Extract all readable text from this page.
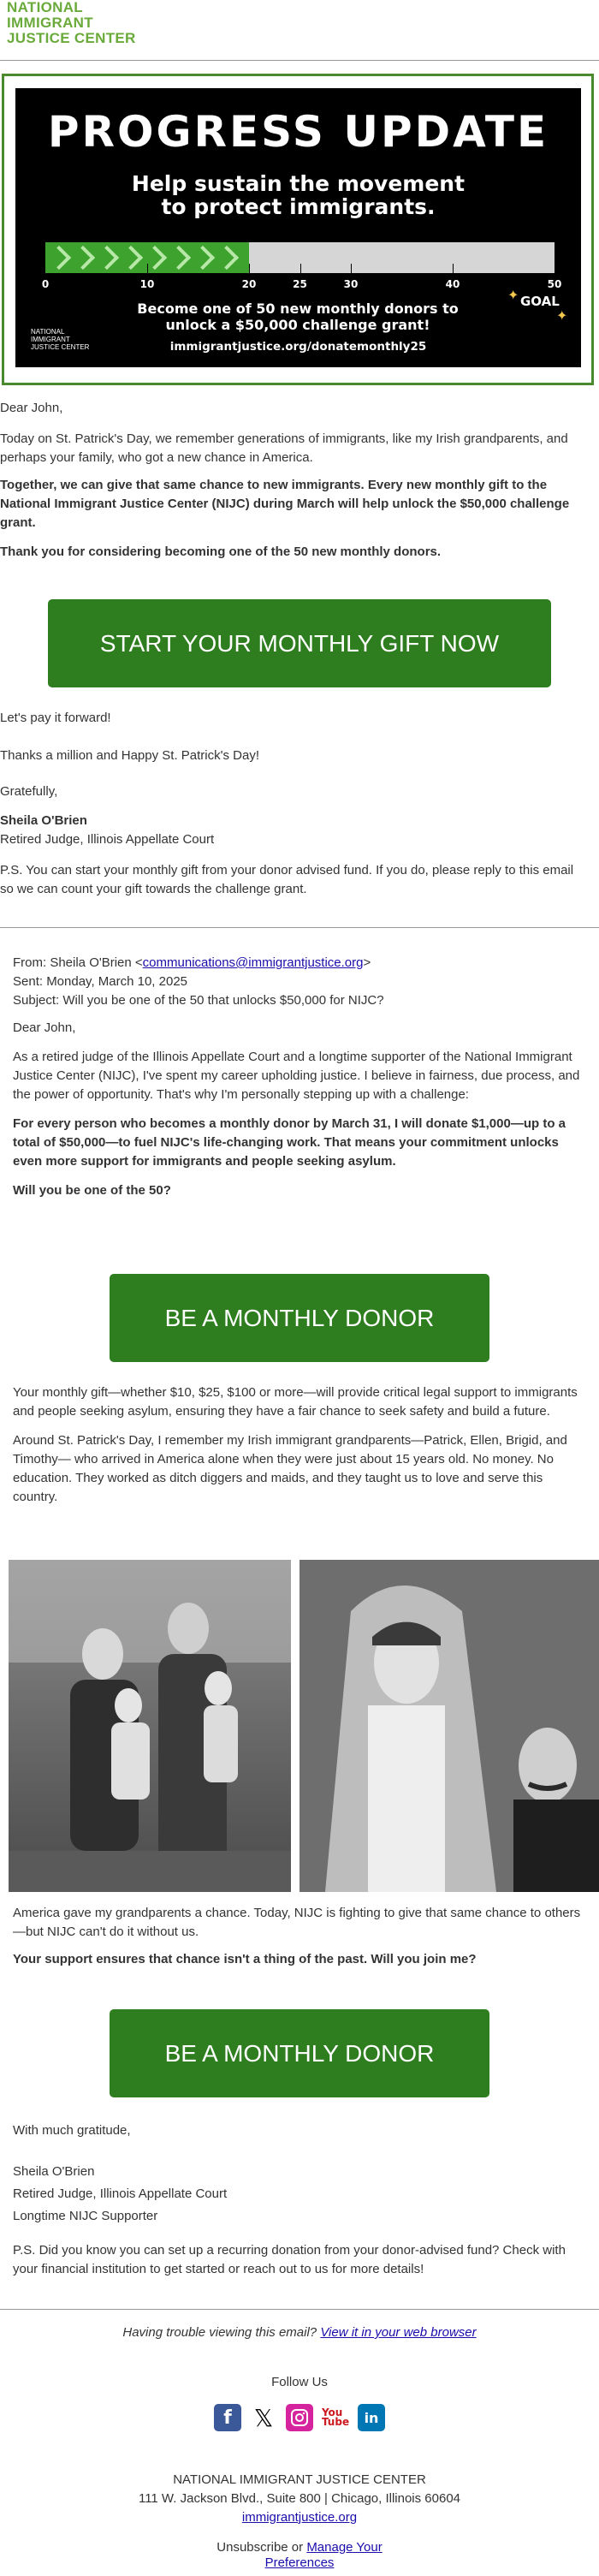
NATIONAL
IMMIGRANT
JUSTICE CENTER
PROGRESS UPDATE
Help sustain the movement
to protect immigrants.
0	10	20	25	30	40	50
✦
✦
GOAL
Become one of 50 new monthly donors to
unlock a $50,000 challenge grant!
NATIONAL IMMIGRANT JUSTICE CENTER	immigrantjustice.org/donatemonthly25

Dear John,

Today on St. Patrick's Day, we remember generations of immigrants, like my Irish grandparents, and perhaps your family, who got a new chance in America.

Together, we can give that same chance to new immigrants. Every new monthly gift to the National Immigrant Justice Center (NIJC) during March will help unlock the $50,000 challenge grant.

Thank you for considering becoming one of the 50 new monthly donors.

START YOUR MONTHLY GIFT NOW

Let's pay it forward!

Thanks a million and Happy St. Patrick's Day!

Gratefully,

Sheila O'Brien

Retired Judge, Illinois Appellate Court

P.S. You can start your monthly gift from your donor advised fund. If you do, please reply to this email so we can count your gift towards the challenge grant.

From: Sheila O'Brien <communications@immigrantjustice.org>

Sent: Monday, March 10, 2025

Subject: Will you be one of the 50 that unlocks $50,000 for NIJC?

Dear John,

As a retired judge of the Illinois Appellate Court and a longtime supporter of the National Immigrant Justice Center (NIJC), I've spent my career upholding justice. I believe in fairness, due process, and the power of opportunity. That's why I'm personally stepping up with a challenge:

For every person who becomes a monthly donor by March 31, I will donate $1,000—up to a total of $50,000—to fuel NIJC's life-changing work. That means your commitment unlocks even more support for immigrants and people seeking asylum.

Will you be one of the 50?

BE A MONTHLY DONOR

Your monthly gift—whether $10, $25, $100 or more—will provide critical legal support to immigrants and people seeking asylum, ensuring they have a fair chance to seek safety and build a future.

Around St. Patrick's Day, I remember my Irish immigrant grandparents—Patrick, Ellen, Brigid, and Timothy— who arrived in America alone when they were just about 15 years old. No money. No education. They worked as ditch diggers and maids, and they taught us to love and serve this country.

America gave my grandparents a chance. Today, NIJC is fighting to give that same chance to others—but NIJC can't do it without us.

Your support ensures that chance isn't a thing of the past. Will you join me?

BE A MONTHLY DONOR

With much gratitude,

Sheila O'Brien

Retired Judge, Illinois Appellate Court

Longtime NIJC Supporter

P.S. Did you know you can set up a recurring donation from your donor-advised fund? Check with your financial institution to get started or reach out to us for more details!

Having trouble viewing this email? View it in your web browser

Follow Us

f 𝕏	You Tube	in

NATIONAL IMMIGRANT JUSTICE CENTER

111 W. Jackson Blvd., Suite 800 | Chicago, Illinois 60604

immigrantjustice.org

Unsubscribe or Manage Your

Preferences
